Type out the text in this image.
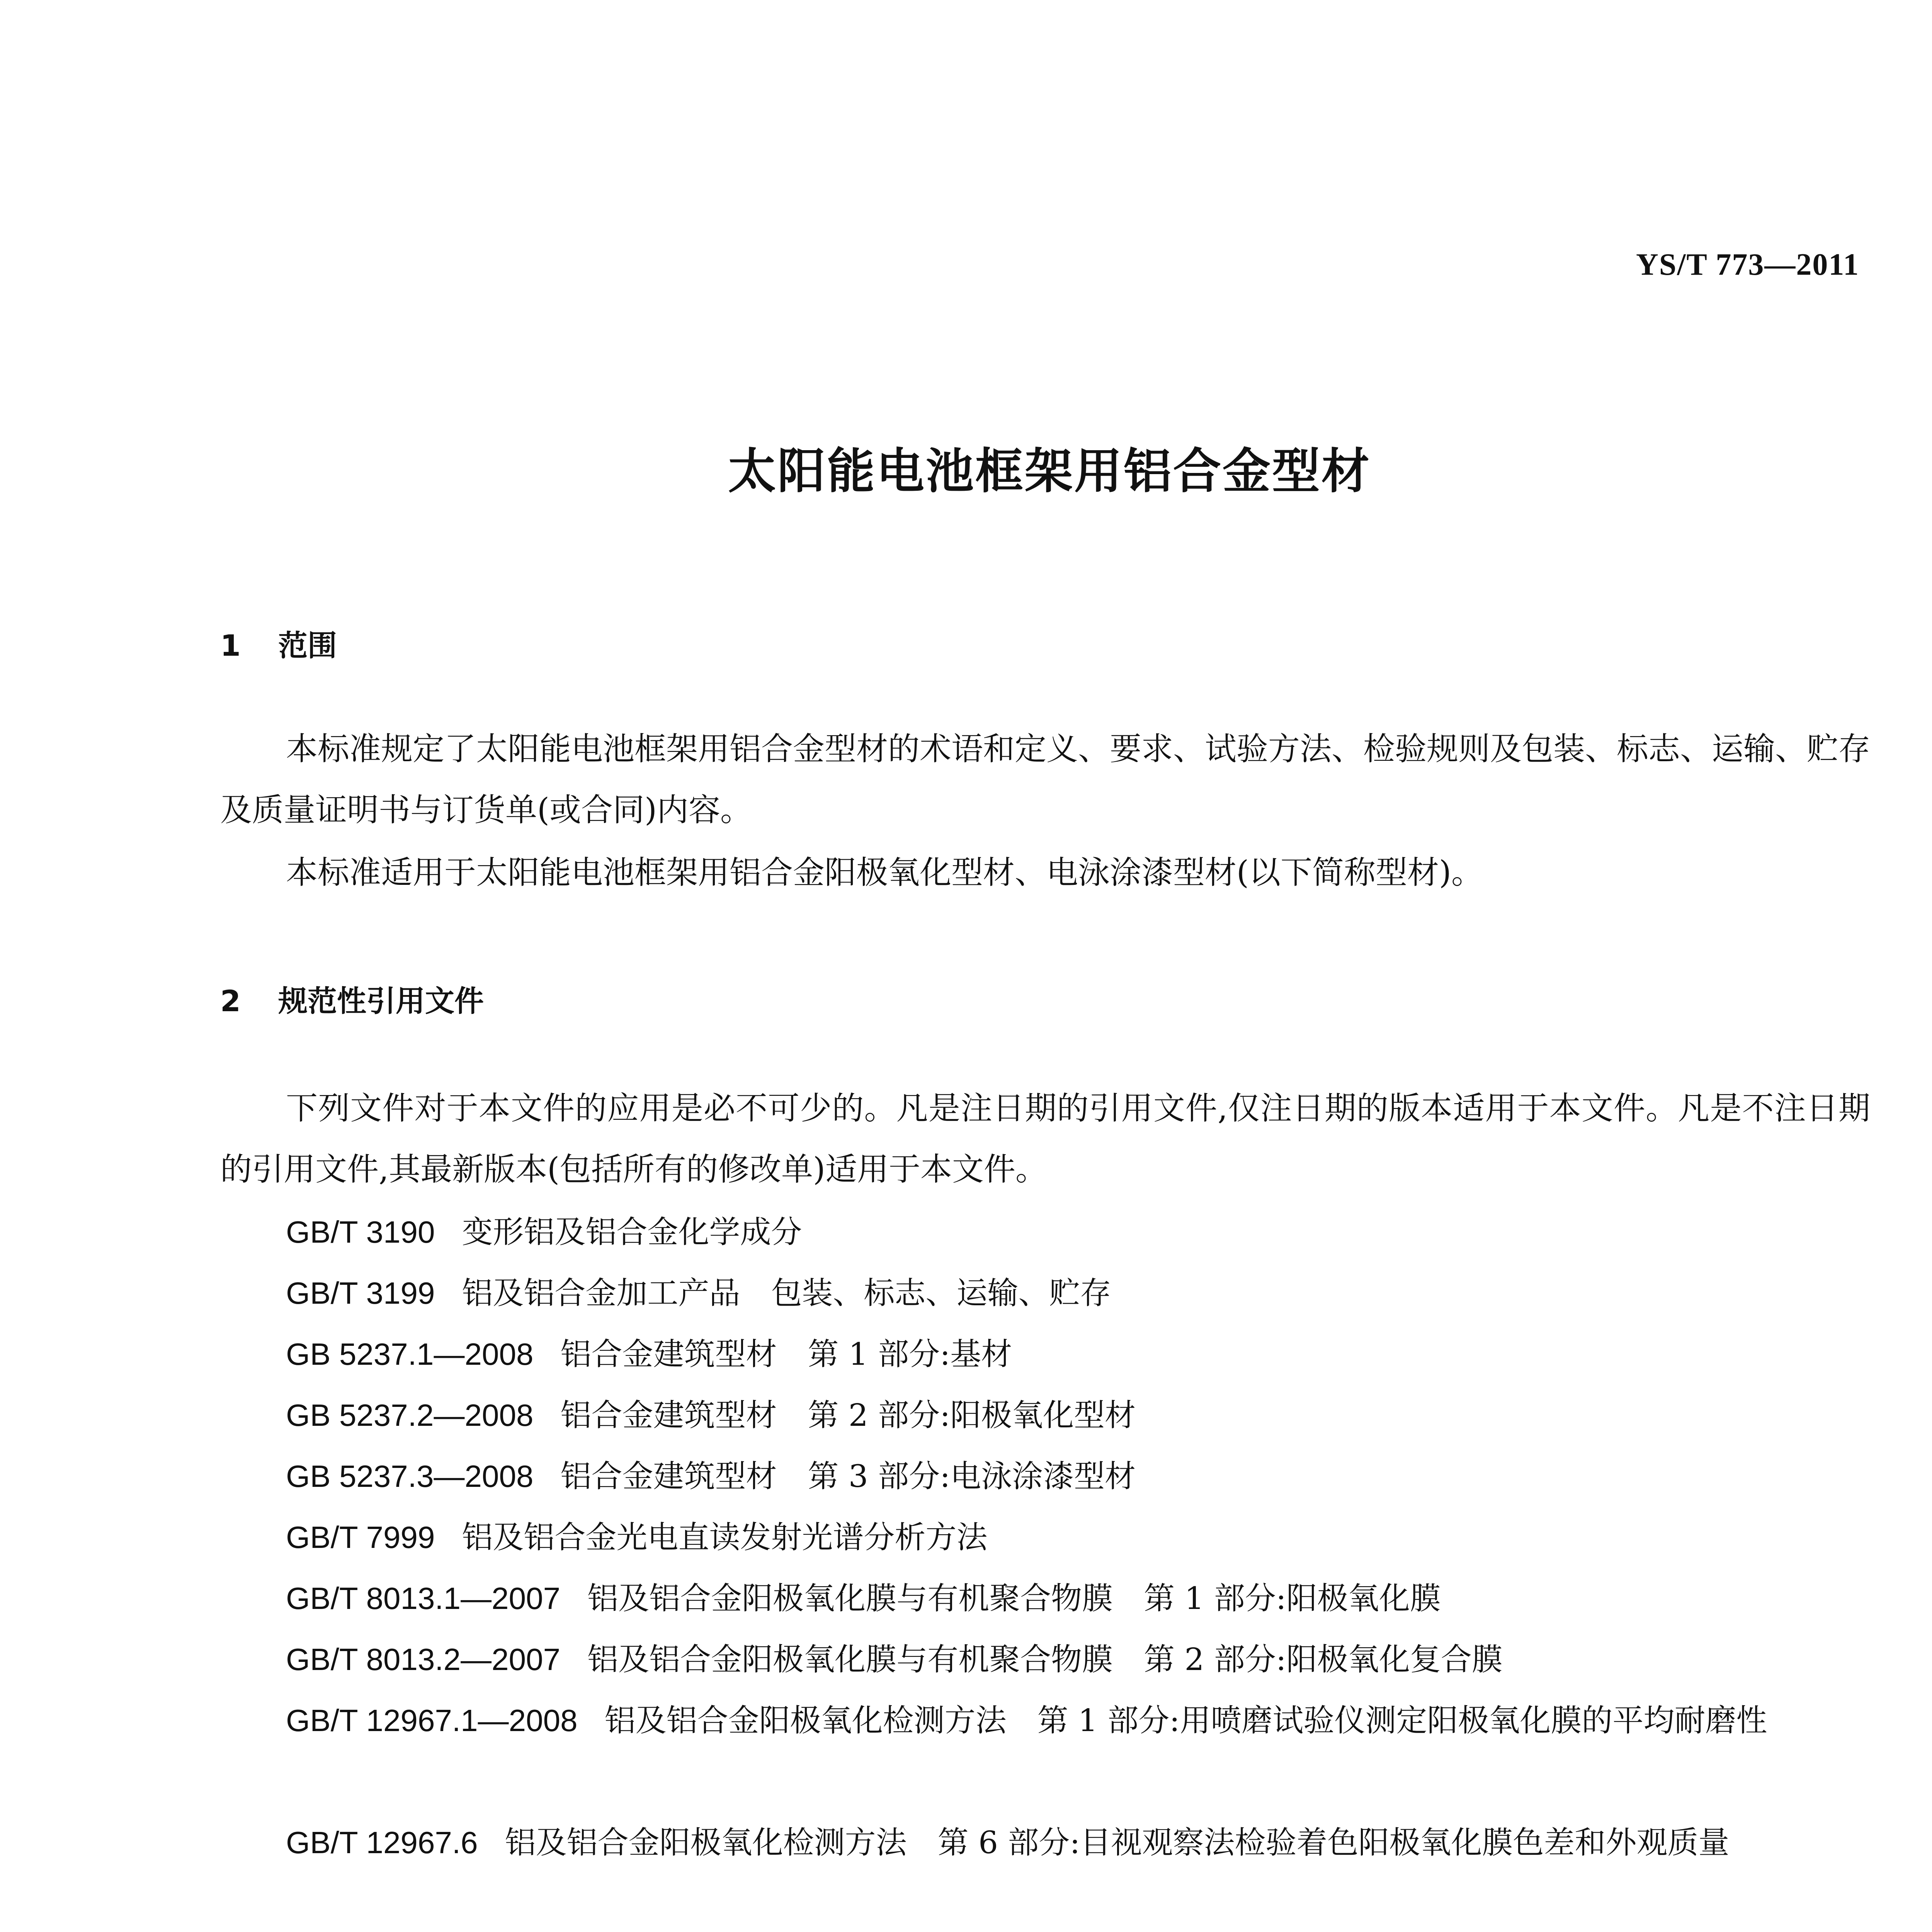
YS/T 773—2011
太阳能电池框架用铝合金型材
1 范围
本标准规定了太阳能电池框架用铝合金型材的术语和定义、要求、试验方法、检验规则及包装、标志、运输、贮存及质量证明书与订货单(或合同)内容。
本标准适用于太阳能电池框架用铝合金阳极氧化型材、电泳涂漆型材(以下简称型材)。
2 规范性引用文件
下列文件对于本文件的应用是必不可少的。凡是注日期的引用文件,仅注日期的版本适用于本文件。凡是不注日期的引用文件,其最新版本(包括所有的修改单)适用于本文件。
GB/T 3190 变形铝及铝合金化学成分
GB/T 3199 铝及铝合金加工产品 包装、标志、运输、贮存
GB 5237.1—2008 铝合金建筑型材 第 1 部分:基材
GB 5237.2—2008 铝合金建筑型材 第 2 部分:阳极氧化型材
GB 5237.3—2008 铝合金建筑型材 第 3 部分:电泳涂漆型材
GB/T 7999 铝及铝合金光电直读发射光谱分析方法
GB/T 8013.1—2007 铝及铝合金阳极氧化膜与有机聚合物膜 第 1 部分:阳极氧化膜
GB/T 8013.2—2007 铝及铝合金阳极氧化膜与有机聚合物膜 第 2 部分:阳极氧化复合膜
GB/T 12967.1—2008 铝及铝合金阳极氧化检测方法 第 1 部分:用喷磨试验仪测定阳极氧化膜的平均耐磨性
GB/T 12967.6 铝及铝合金阳极氧化检测方法 第 6 部分:目视观察法检验着色阳极氧化膜色差和外观质量
